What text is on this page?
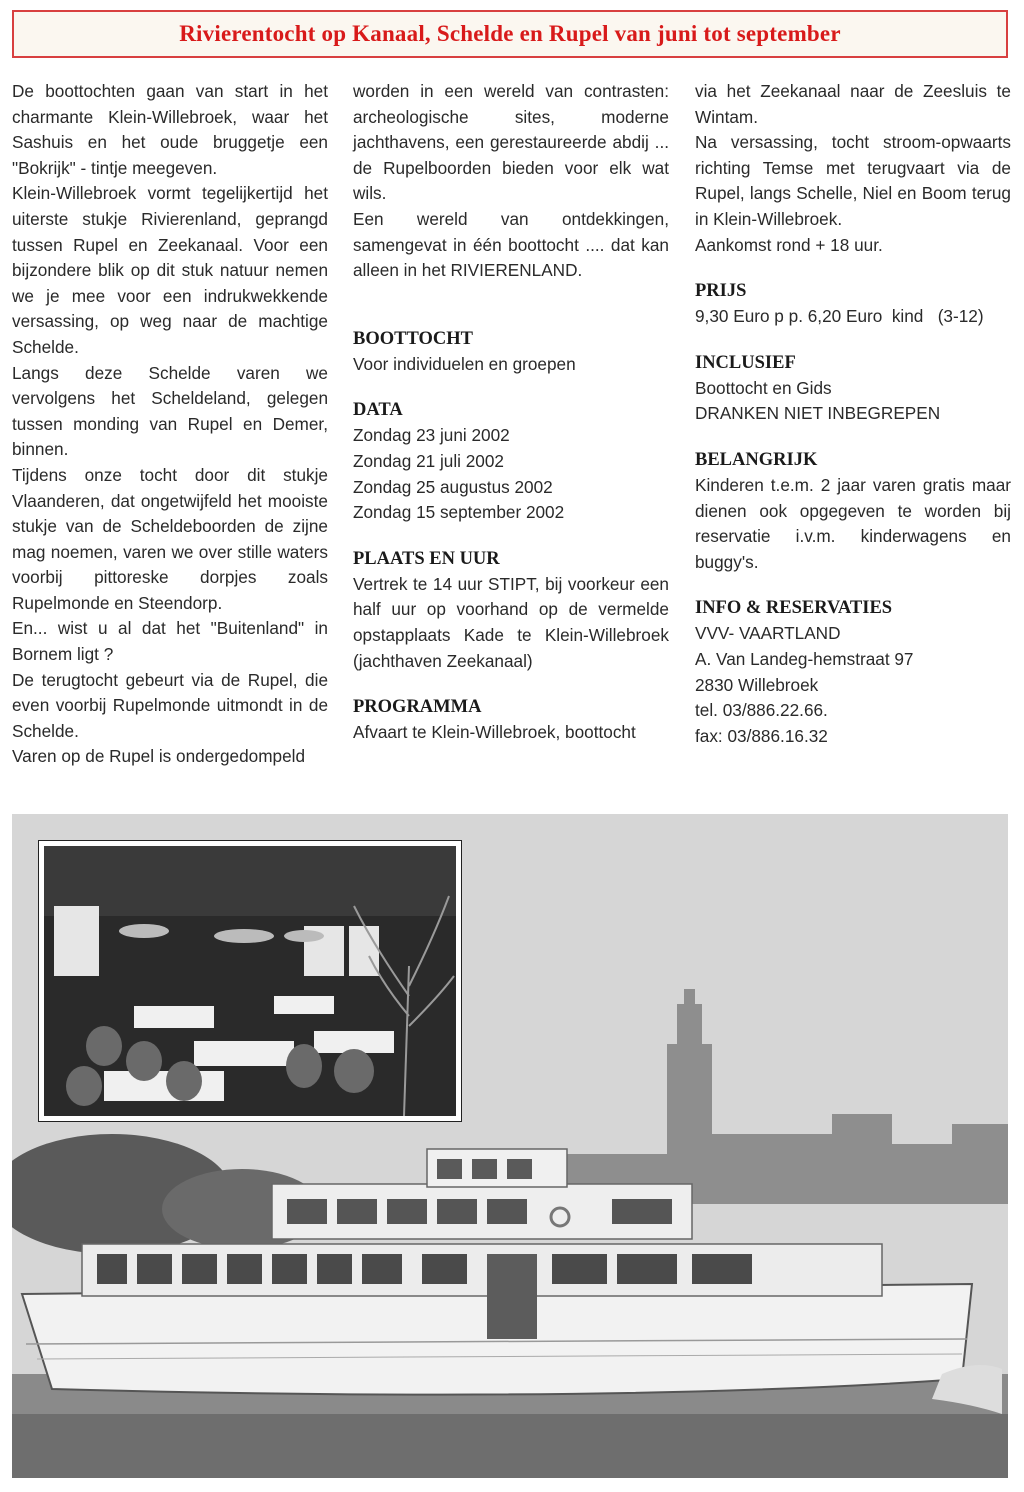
Rivierentocht op Kanaal, Schelde en Rupel van juni tot september

De boottochten gaan van start in het charmante Klein-Willebroek, waar het Sashuis en het oude bruggetje een "Bokrijk" - tintje meegeven.

Klein-Willebroek vormt tegelijkertijd het uiterste stukje Rivierenland, geprangd tussen Rupel en Zeekanaal. Voor een bijzondere blik op dit stuk natuur nemen we je mee voor een indrukwekkende versassing, op weg naar de machtige Schelde.

Langs deze Schelde varen we vervolgens het Scheldeland, gelegen tussen monding van Rupel en Demer, binnen.

Tijdens onze tocht door dit stukje Vlaanderen, dat ongetwijfeld het mooiste stukje van de Scheldeboorden de zijne mag noemen, varen we over stille waters voorbij pittoreske dorpjes zoals Rupelmonde en Steendorp.

En... wist u al dat het "Buitenland" in Bornem ligt ?

De terugtocht gebeurt via de Rupel, die even voorbij Rupelmonde uitmondt in de Schelde.

Varen op de Rupel is ondergedompeld

worden in een wereld van contrasten: archeologische sites, moderne jachthavens, een gerestaureerde abdij ... de Rupelboorden bieden voor elk wat wils.

Een wereld van ontdekkingen, samengevat in één boottocht .... dat kan alleen in het RIVIERENLAND.

BOOTTOCHT

Voor individuelen en groepen

DATA
Zondag 23 juni 2002
Zondag 21 juli 2002
Zondag 25 augustus 2002
Zondag 15 september 2002
PLAATS EN UUR

Vertrek te 14 uur STIPT, bij voorkeur een half uur op voorhand op de vermelde opstapplaats Kade te Klein-Willebroek (jachthaven Zeekanaal)

PROGRAMMA

Afvaart te Klein-Willebroek, boottocht

via het Zeekanaal naar de Zeesluis te Wintam.

Na versassing, tocht stroom-opwaarts richting Temse met terugvaart via de Rupel, langs Schelle, Niel en Boom terug in Klein-Willebroek.

Aankomst rond + 18 uur.

PRIJS
9,30 Euro p p. 6,20 Euro  kind   (3-12)
INCLUSIEF
Boottocht en Gids
DRANKEN NIET INBEGREPEN
BELANGRIJK

Kinderen t.e.m. 2 jaar varen gratis maar dienen ook opgegeven te worden bij reservatie i.v.m. kinderwagens en buggy's.

INFO & RESERVATIES
VVV- VAARTLAND
A. Van Landeg-hemstraat 97
2830 Willebroek
tel. 03/886.22.66.
fax: 03/886.16.32
